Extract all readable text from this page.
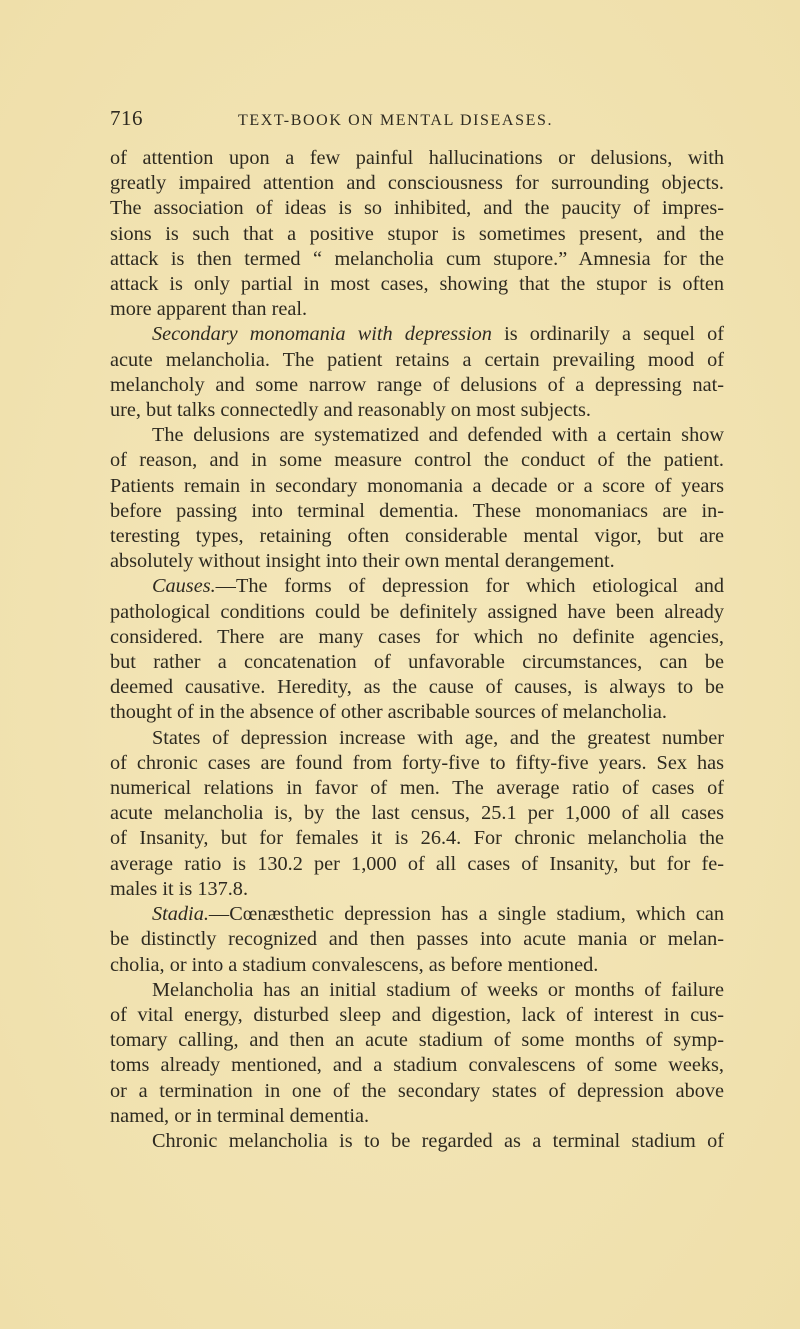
716	TEXT-BOOK ON MENTAL DISEASES.
of attention upon a few painful hallucinations or delusions, with
greatly impaired attention and consciousness for surrounding objects.
The association of ideas is so inhibited, and the paucity of impres-
sions is such that a positive stupor is sometimes present, and the
attack is then termed “ melancholia cum stupore.” Amnesia for the
attack is only partial in most cases, showing that the stupor is often
more apparent than real.
Secondary monomania with depression is ordinarily a sequel of
acute melancholia. The patient retains a certain prevailing mood of
melancholy and some narrow range of delusions of a depressing nat-
ure, but talks connectedly and reasonably on most subjects.
The delusions are systematized and defended with a certain show
of reason, and in some measure control the conduct of the patient.
Patients remain in secondary monomania a decade or a score of years
before passing into terminal dementia. These monomaniacs are in-
teresting types, retaining often considerable mental vigor, but are
absolutely without insight into their own mental derangement.
Causes.—The forms of depression for which etiological and
pathological conditions could be definitely assigned have been already
considered. There are many cases for which no definite agencies,
but rather a concatenation of unfavorable circumstances, can be
deemed causative. Heredity, as the cause of causes, is always to be
thought of in the absence of other ascribable sources of melancholia.
States of depression increase with age, and the greatest number
of chronic cases are found from forty-five to fifty-five years. Sex has
numerical relations in favor of men. The average ratio of cases of
acute melancholia is, by the last census, 25.1 per 1,000 of all cases
of Insanity, but for females it is 26.4. For chronic melancholia the
average ratio is 130.2 per 1,000 of all cases of Insanity, but for fe-
males it is 137.8.
Stadia.—Cœnæsthetic depression has a single stadium, which can
be distinctly recognized and then passes into acute mania or melan-
cholia, or into a stadium convalescens, as before mentioned.
Melancholia has an initial stadium of weeks or months of failure
of vital energy, disturbed sleep and digestion, lack of interest in cus-
tomary calling, and then an acute stadium of some months of symp-
toms already mentioned, and a stadium convalescens of some weeks,
or a termination in one of the secondary states of depression above
named, or in terminal dementia.
Chronic melancholia is to be regarded as a terminal stadium of
